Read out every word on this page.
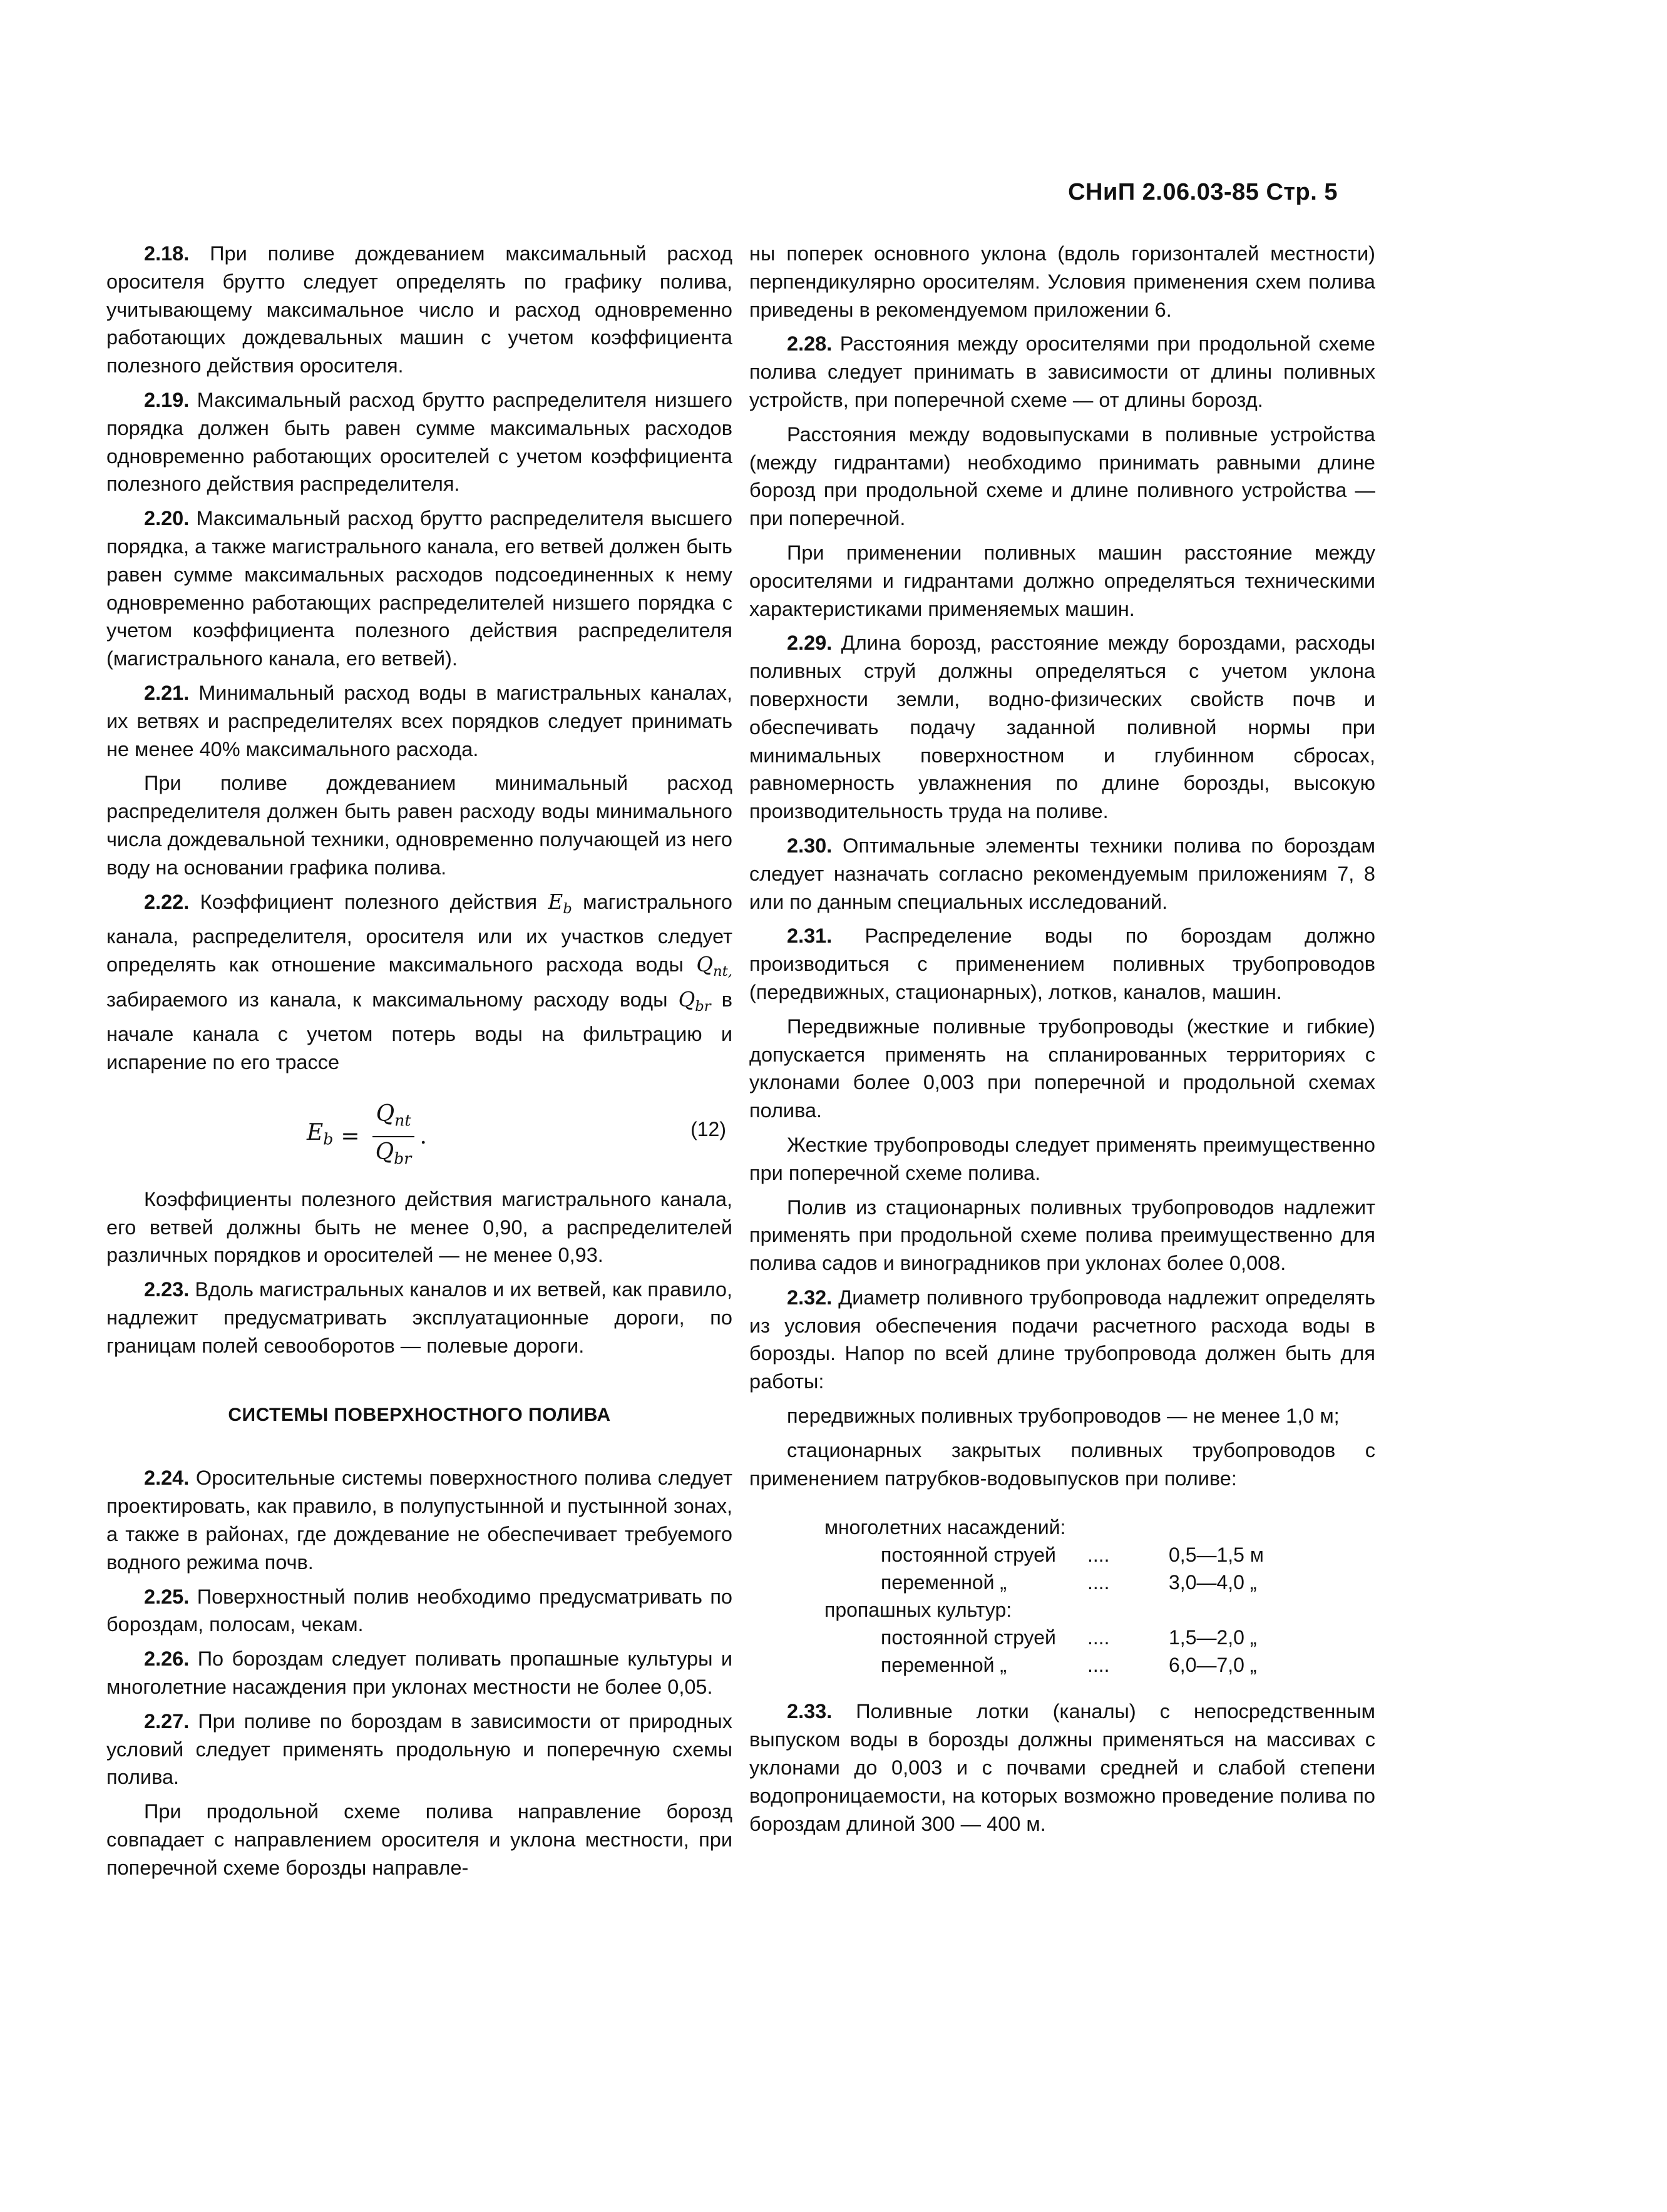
СНиП 2.06.03-85 Стр. 5

2.18. При поливе дождеванием максимальный расход оросителя брутто следует определять по графику полива, учитывающему максимальное число и расход одновременно работающих дождевальных машин с учетом коэффициента полезного действия оросителя.

2.19. Максимальный расход брутто распределителя низшего порядка должен быть равен сумме максимальных расходов одновременно работающих оросителей с учетом коэффициента полезного действия распределителя.

2.20. Максимальный расход брутто распределителя высшего порядка, а также магистрального канала, его ветвей должен быть равен сумме максимальных расходов подсоединенных к нему одновременно работающих распределителей низшего порядка с учетом коэффициента полезного действия распределителя (магистрального канала, его ветвей).

2.21. Минимальный расход воды в магистральных каналах, их ветвях и распределителях всех порядков следует принимать не менее 40% максимального расхода.

При поливе дождеванием минимальный расход распределителя должен быть равен расходу воды минимального числа дождевальной техники, одновременно получающей из него воду на основании графика полива.

2.22. Коэффициент полезного действия $E_b$ магистрального канала, распределителя, оросителя или их участков следует определять как отношение максимального расхода воды $Q_{nt,}$ забираемого из канала, к максимальному расходу воды $Q_{br}$ в начале канала с учетом потерь воды на фильтрацию и испарение по его трассе

$E_b = \frac{Q_{nt}}{Q_{br}}$ .	(12)

Коэффициенты полезного действия магистрального канала, его ветвей должны быть не менее 0,90, а распределителей различных порядков и оросителей — не менее 0,93.

2.23. Вдоль магистральных каналов и их ветвей, как правило, надлежит предусматривать эксплуатационные дороги, по границам полей севооборотов — полевые дороги.

СИСТЕМЫ ПОВЕРХНОСТНОГО ПОЛИВА

2.24. Оросительные системы поверхностного полива следует проектировать, как правило, в полупустынной и пустынной зонах, а также в районах, где дождевание не обеспечивает требуемого водного режима почв.

2.25. Поверхностный полив необходимо предусматривать по бороздам, полосам, чекам.

2.26. По бороздам следует поливать пропашные культуры и многолетние насаждения при уклонах местности не более 0,05.

2.27. При поливе по бороздам в зависимости от природных условий следует применять продольную и поперечную схемы полива.

При продольной схеме полива направление борозд совпадает с направлением оросителя и уклона местности, при поперечной схеме борозды направле-

ны поперек основного уклона (вдоль горизонталей местности) перпендикулярно оросителям. Условия применения схем полива приведены в рекомендуемом приложении 6.

2.28. Расстояния между оросителями при продольной схеме полива следует принимать в зависимости от длины поливных устройств, при поперечной схеме — от длины борозд.

Расстояния между водовыпусками в поливные устройства (между гидрантами) необходимо принимать равными длине борозд при продольной схеме и длине поливного устройства — при поперечной.

При применении поливных машин расстояние между оросителями и гидрантами должно определяться техническими характеристиками применяемых машин.

2.29. Длина борозд, расстояние между бороздами, расходы поливных струй должны определяться с учетом уклона поверхности земли, водно-физических свойств почв и обеспечивать подачу заданной поливной нормы при минимальных поверхностном и глубинном сбросах, равномерность увлажнения по длине борозды, высокую производительность труда на поливе.

2.30. Оптимальные элементы техники полива по бороздам следует назначать согласно рекомендуемым приложениям 7, 8 или по данным специальных исследований.

2.31. Распределение воды по бороздам должно производиться с применением поливных трубопроводов (передвижных, стационарных), лотков, каналов, машин.

Передвижные поливные трубопроводы (жесткие и гибкие) допускается применять на спланированных территориях с уклонами более 0,003 при поперечной и продольной схемах полива.

Жесткие трубопроводы следует применять преимущественно при поперечной схеме полива.

Полив из стационарных поливных трубопроводов надлежит применять при продольной схеме полива преимущественно для полива садов и виноградников при уклонах более 0,008.

2.32. Диаметр поливного трубопровода надлежит определять из условия обеспечения подачи расчетного расхода воды в борозды. Напор по всей длине трубопровода должен быть для работы:

передвижных поливных трубопроводов — не менее 1,0 м;

стационарных закрытых поливных трубопроводов с применением патрубков-водовыпусков при поливе:

многолетних насаждений:
постоянной струей	....	0,5—1,5 м
переменной „	....	3,0—4,0 „
пропашных культур:
постоянной струей	....	1,5—2,0 „
переменной „	....	6,0—7,0 „

2.33. Поливные лотки (каналы) с непосредственным выпуском воды в борозды должны применяться на массивах с уклонами до 0,003 и с почвами средней и слабой степени водопроницаемости, на которых возможно проведение полива по бороздам длиной 300 — 400 м.
